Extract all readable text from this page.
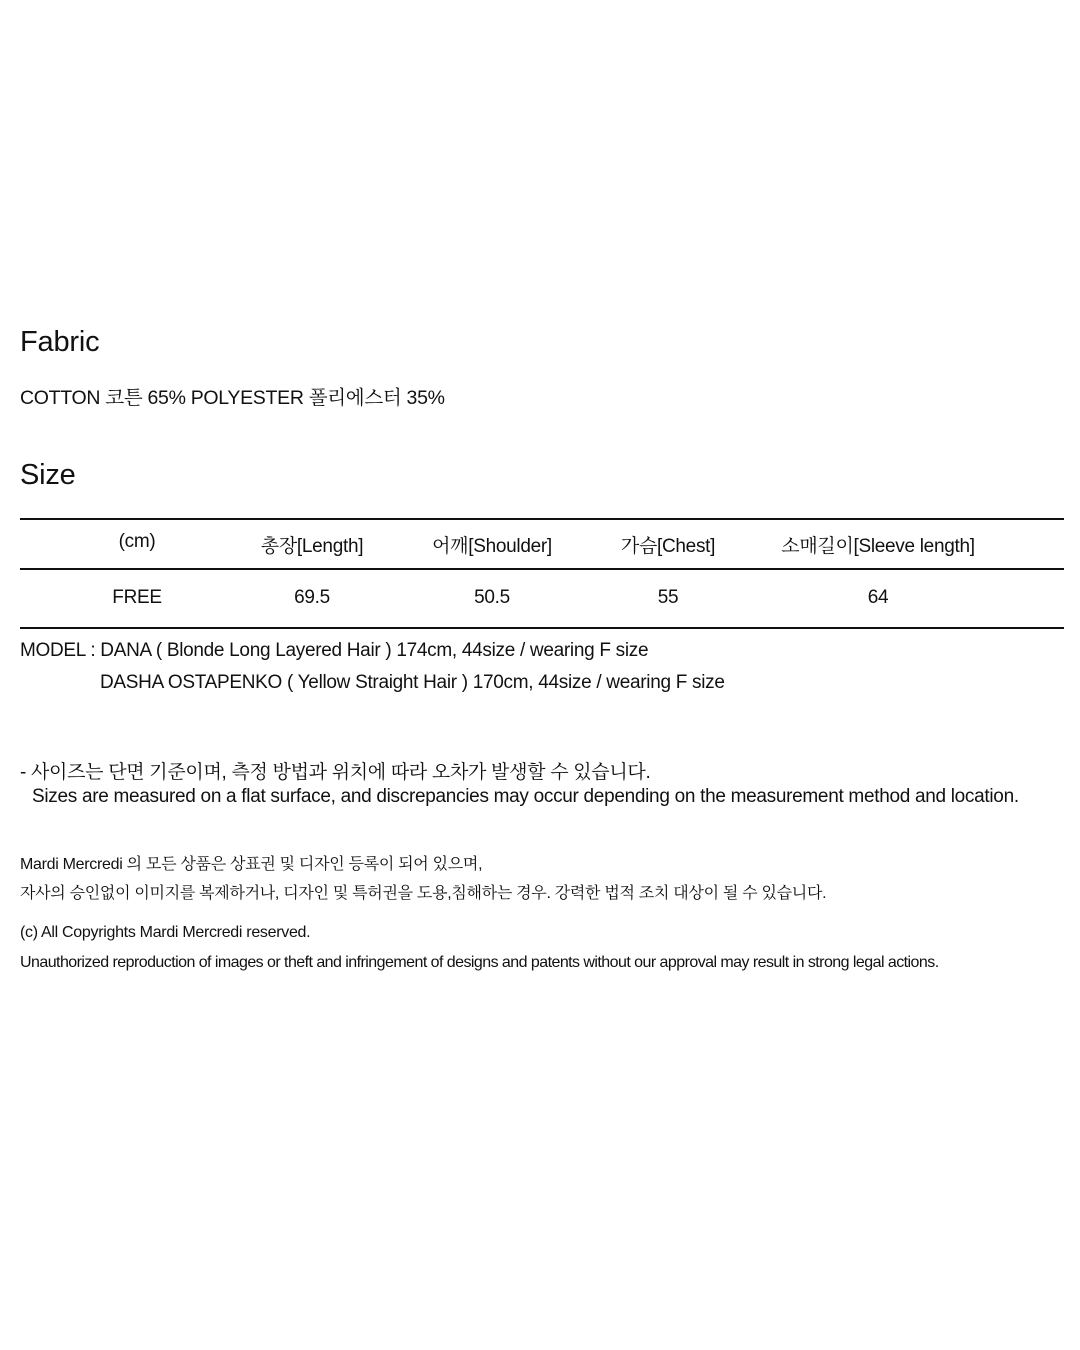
Fabric
COTTON 코튼 65% POLYESTER 폴리에스터 35%
Size
(cm)	총장[Length]	어깨[Shoulder]	가슴[Chest]	소매길이[Sleeve length]
FREE	69.5	50.5	55	64
MODEL : DANA ( Blonde Long Layered Hair ) 174cm, 44size / wearing F size
DASHA OSTAPENKO ( Yellow Straight Hair ) 170cm, 44size / wearing F size
- 사이즈는 단면 기준이며, 측정 방법과 위치에 따라 오차가 발생할 수 있습니다.
Sizes are measured on a flat surface, and discrepancies may occur depending on the measurement method and location.
Mardi Mercredi 의 모든 상품은 상표권 및 디자인 등록이 되어 있으며,
자사의 승인없이 이미지를 복제하거나, 디자인 및 특허권을 도용,침해하는 경우. 강력한 법적 조치 대상이 될 수 있습니다.
(c) All Copyrights Mardi Mercredi reserved.
Unauthorized reproduction of images or theft and infringement of designs and patents without our approval may result in strong legal actions.
